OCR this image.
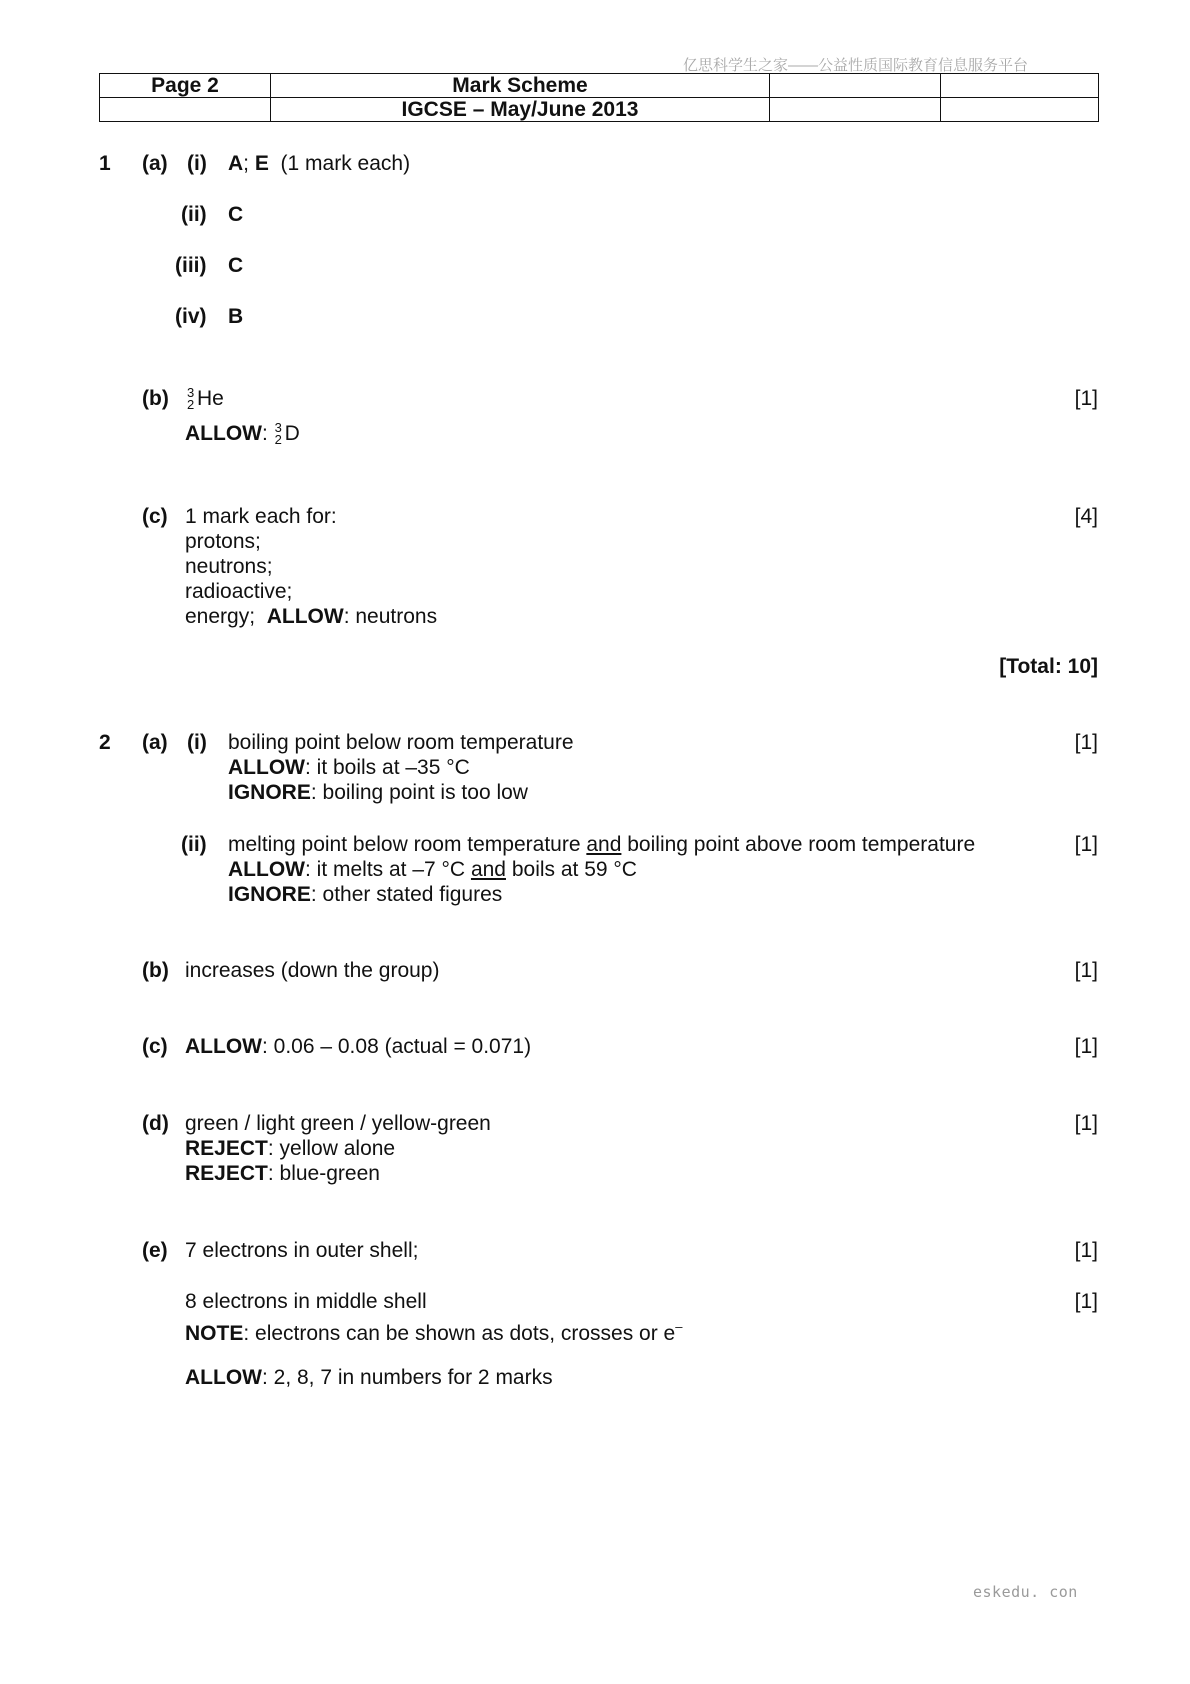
亿思科学生之家——公益性质国际教育信息服务平台
Page 2	Mark Scheme		
	IGCSE – May/June 2013		
1 (a) (i) A; E (1 mark each)
(ii) C
(iii) C
(iv) B
(b) 3
2 He	[1]
ALLOW: 3
2 D
(c) 1 mark each for:	[4]
protons;
neutrons;
radioactive;
energy; ALLOW: neutrons
[Total: 10]
2 (a) (i) boiling point below room temperature	[1]
ALLOW: it boils at –35 °C
IGNORE: boiling point is too low
(ii) melting point below room temperature and boiling point above room temperature	[1]
ALLOW: it melts at –7 °C and boils at 59 °C
IGNORE: other stated figures
(b) increases (down the group)	[1]
(c) ALLOW: 0.06 – 0.08 (actual = 0.071)	[1]
(d) green / light green / yellow-green	[1]
REJECT: yellow alone
REJECT: blue-green
(e) 7 electrons in outer shell;	[1]
8 electrons in middle shell	[1]
NOTE: electrons can be shown as dots, crosses or e–
ALLOW: 2, 8, 7 in numbers for 2 marks
eskedu. con
